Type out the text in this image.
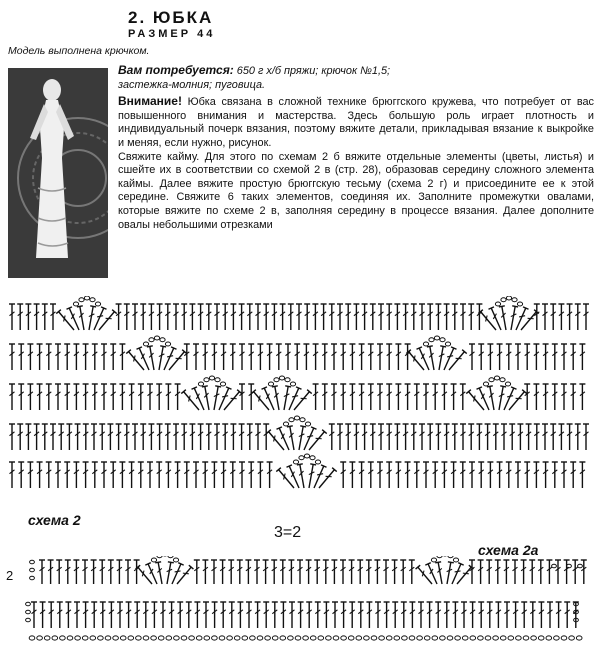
2. ЮБКА
РАЗМЕР 44
Модель выполнена крючком.

Вам потребуется: 650 г х/б пряжи; крючок №1,5;
застежка-молния; пуговица.

Внимание! Юбка связана в сложной технике брюггского кружева, что потребует от вас повышенного внимания и мастерства. Здесь большую роль играет плотность и индивидуальный почерк вязания, поэтому вяжите детали, прикладывая вязание к выкройке и меняя, если нужно, рисунок.

Свяжите кайму. Для этого по схемам 2 б вяжите отдельные элементы (цветы, листья) и сшейте их в соответствии со схемой 2 в (стр. 28), образовав середину сложного элемента каймы. Далее вяжите простую брюггскую тесьму (схема 2 г) и присоедините ее к этой середине. Свяжите 6 таких элементов, соединяя их. Заполните промежутки овалами, которые вяжите по схеме 2 в, заполняя середину в процессе вязания. Далее дополните овалы небольшими отрезками

схема 2
3=2
схема 2а
2
